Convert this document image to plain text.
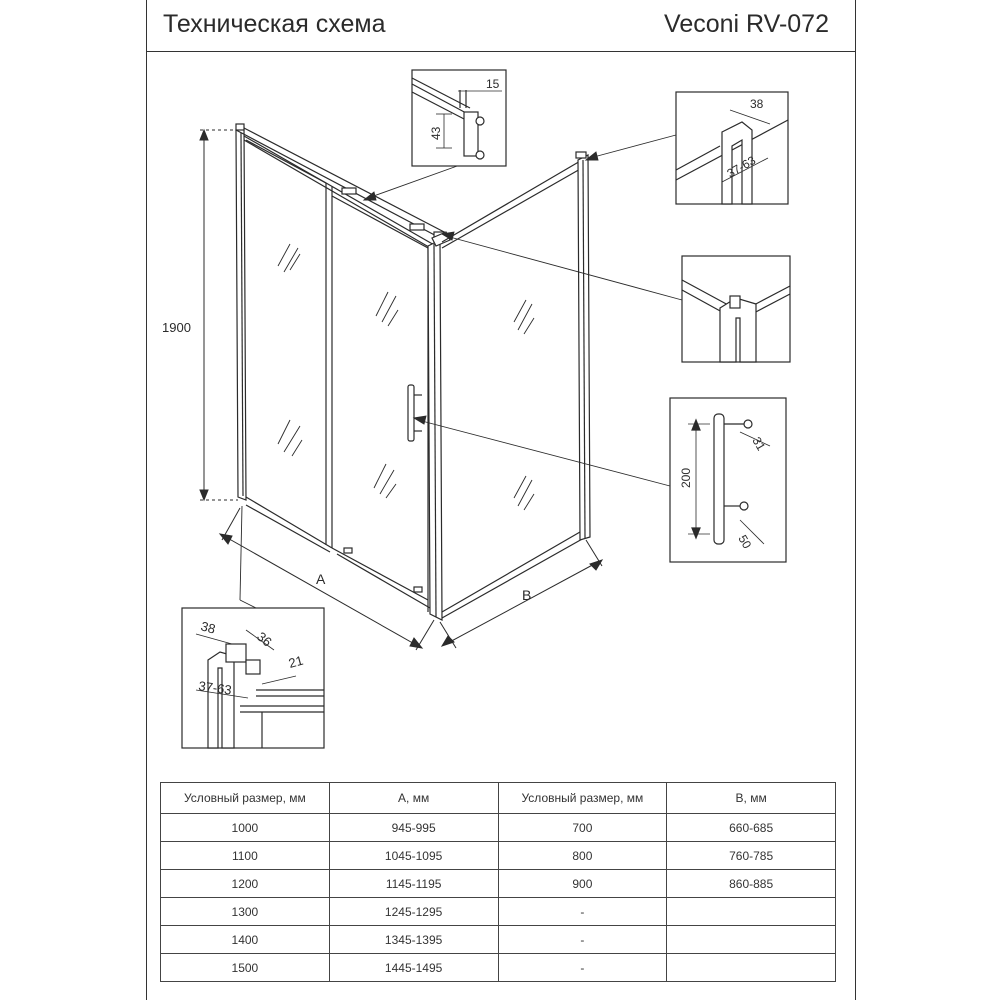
Техническая схема	Veconi RV-072
1900
A
B
15
43
38
37-63
200
31
50
38
36
21
37-63
Условный размер, мм	A, мм	Условный размер, мм	B, мм
1000	945-995	700	660-685
1100	1045-1095	800	760-785
1200	1145-1195	900	860-885
1300	1245-1295	-	
1400	1345-1395	-	
1500	1445-1495	-	
